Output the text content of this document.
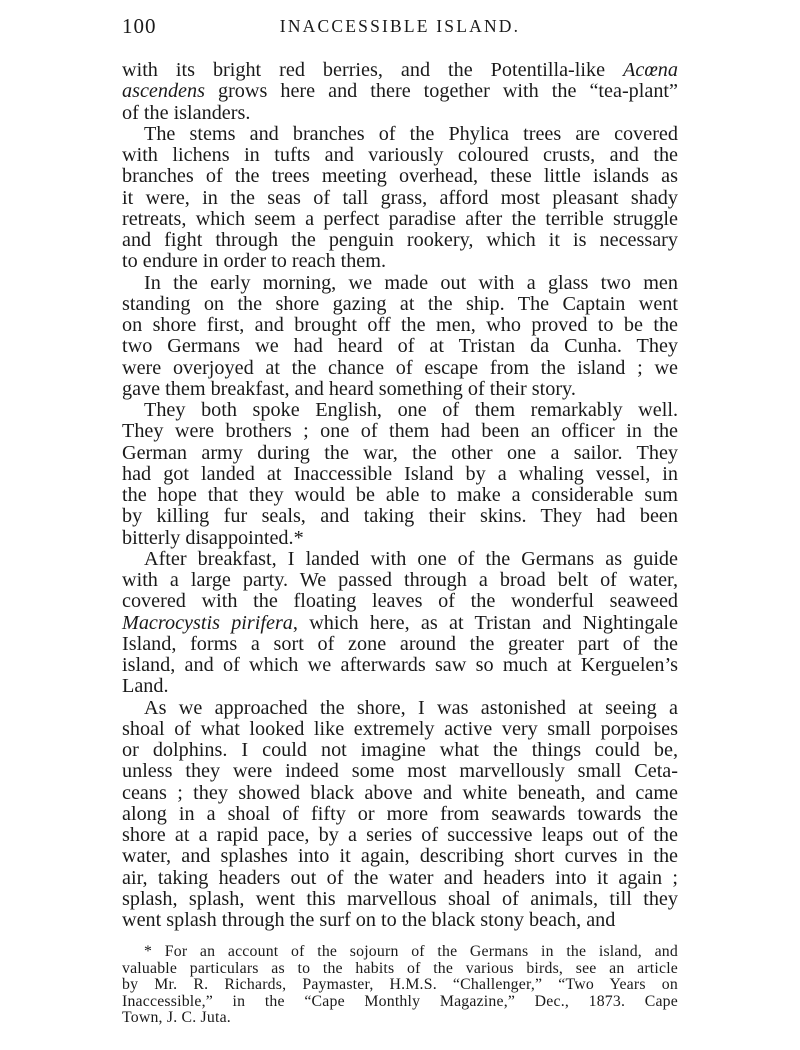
100	INACCESSIBLE ISLAND.

with its bright red berries, and the Potentilla-like Acœna
ascendens grows here and there together with the “tea-plant”
of the islanders.

The stems and branches of the Phylica trees are covered
with lichens in tufts and variously coloured crusts, and the
branches of the trees meeting overhead, these little islands as
it were, in the seas of tall grass, afford most pleasant shady
retreats, which seem a perfect paradise after the terrible struggle
and fight through the penguin rookery, which it is necessary
to endure in order to reach them.

In the early morning, we made out with a glass two men
standing on the shore gazing at the ship. The Captain went
on shore first, and brought off the men, who proved to be the
two Germans we had heard of at Tristan da Cunha. They
were overjoyed at the chance of escape from the island ; we
gave them breakfast, and heard something of their story.

They both spoke English, one of them remarkably well.
They were brothers ; one of them had been an officer in the
German army during the war, the other one a sailor. They
had got landed at Inaccessible Island by a whaling vessel, in
the hope that they would be able to make a considerable sum
by killing fur seals, and taking their skins. They had been
bitterly disappointed.*

After breakfast, I landed with one of the Germans as guide
with a large party. We passed through a broad belt of water,
covered with the floating leaves of the wonderful seaweed
Macrocystis pirifera, which here, as at Tristan and Nightingale
Island, forms a sort of zone around the greater part of the
island, and of which we afterwards saw so much at Kerguelen’s
Land.

As we approached the shore, I was astonished at seeing a
shoal of what looked like extremely active very small porpoises
or dolphins. I could not imagine what the things could be,
unless they were indeed some most marvellously small Ceta-
ceans ; they showed black above and white beneath, and came
along in a shoal of fifty or more from seawards towards the
shore at a rapid pace, by a series of successive leaps out of the
water, and splashes into it again, describing short curves in the
air, taking headers out of the water and headers into it again ;
splash, splash, went this marvellous shoal of animals, till they
went splash through the surf on to the black stony beach, and

* For an account of the sojourn of the Germans in the island, and
valuable particulars as to the habits of the various birds, see an article
by Mr. R. Richards, Paymaster, H.M.S. “Challenger,” “Two Years on
Inaccessible,” in the “Cape Monthly Magazine,” Dec., 1873. Cape
Town, J. C. Juta.
